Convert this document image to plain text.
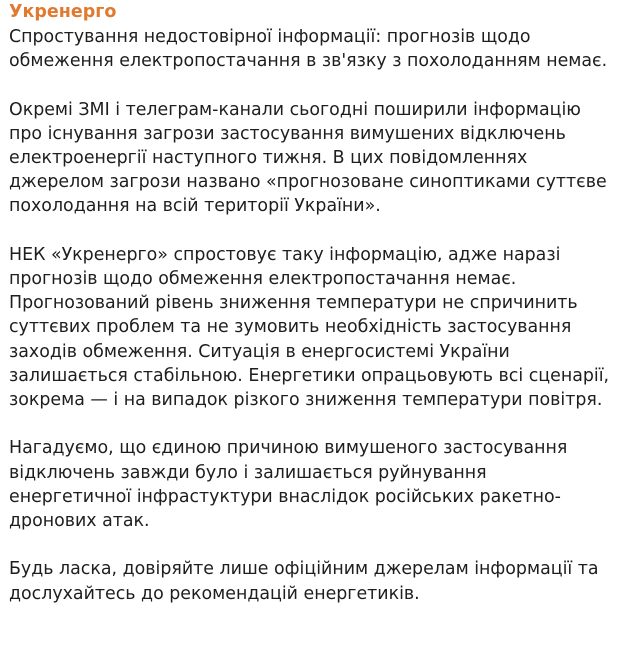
Укренерго

Спростування недостовірної інформації: прогнозів щодо
обмеження електропостачання в зв'язку з похолоданням немає.

Окремі ЗМІ і телеграм-канали сьогодні поширили інформацію
про існування загрози застосування вимушених відключень
електроенергії наступного тижня. В цих повідомленнях
джерелом загрози названо «прогнозоване синоптиками суттєве
похолодання на всій території України».

НЕК «Укренерго» спростовує таку інформацію, адже наразі
прогнозів щодо обмеження електропостачання немає.
Прогнозований рівень зниження температури не спричинить
суттєвих проблем та не зумовить необхідність застосування
заходів обмеження. Ситуація в енергосистемі України
залишається стабільною. Енергетики опрацьовують всі сценарії,
зокрема — і на випадок різкого зниження температури повітря.

Нагадуємо, що єдиною причиною вимушеного застосування
відключень завжди було і залишається руйнування
енергетичної інфрастуктури внаслідок російських ракетно-
дронових атак.

Будь ласка, довіряйте лише офіційним джерелам інформації та
дослухайтесь до рекомендацій енергетиків.
